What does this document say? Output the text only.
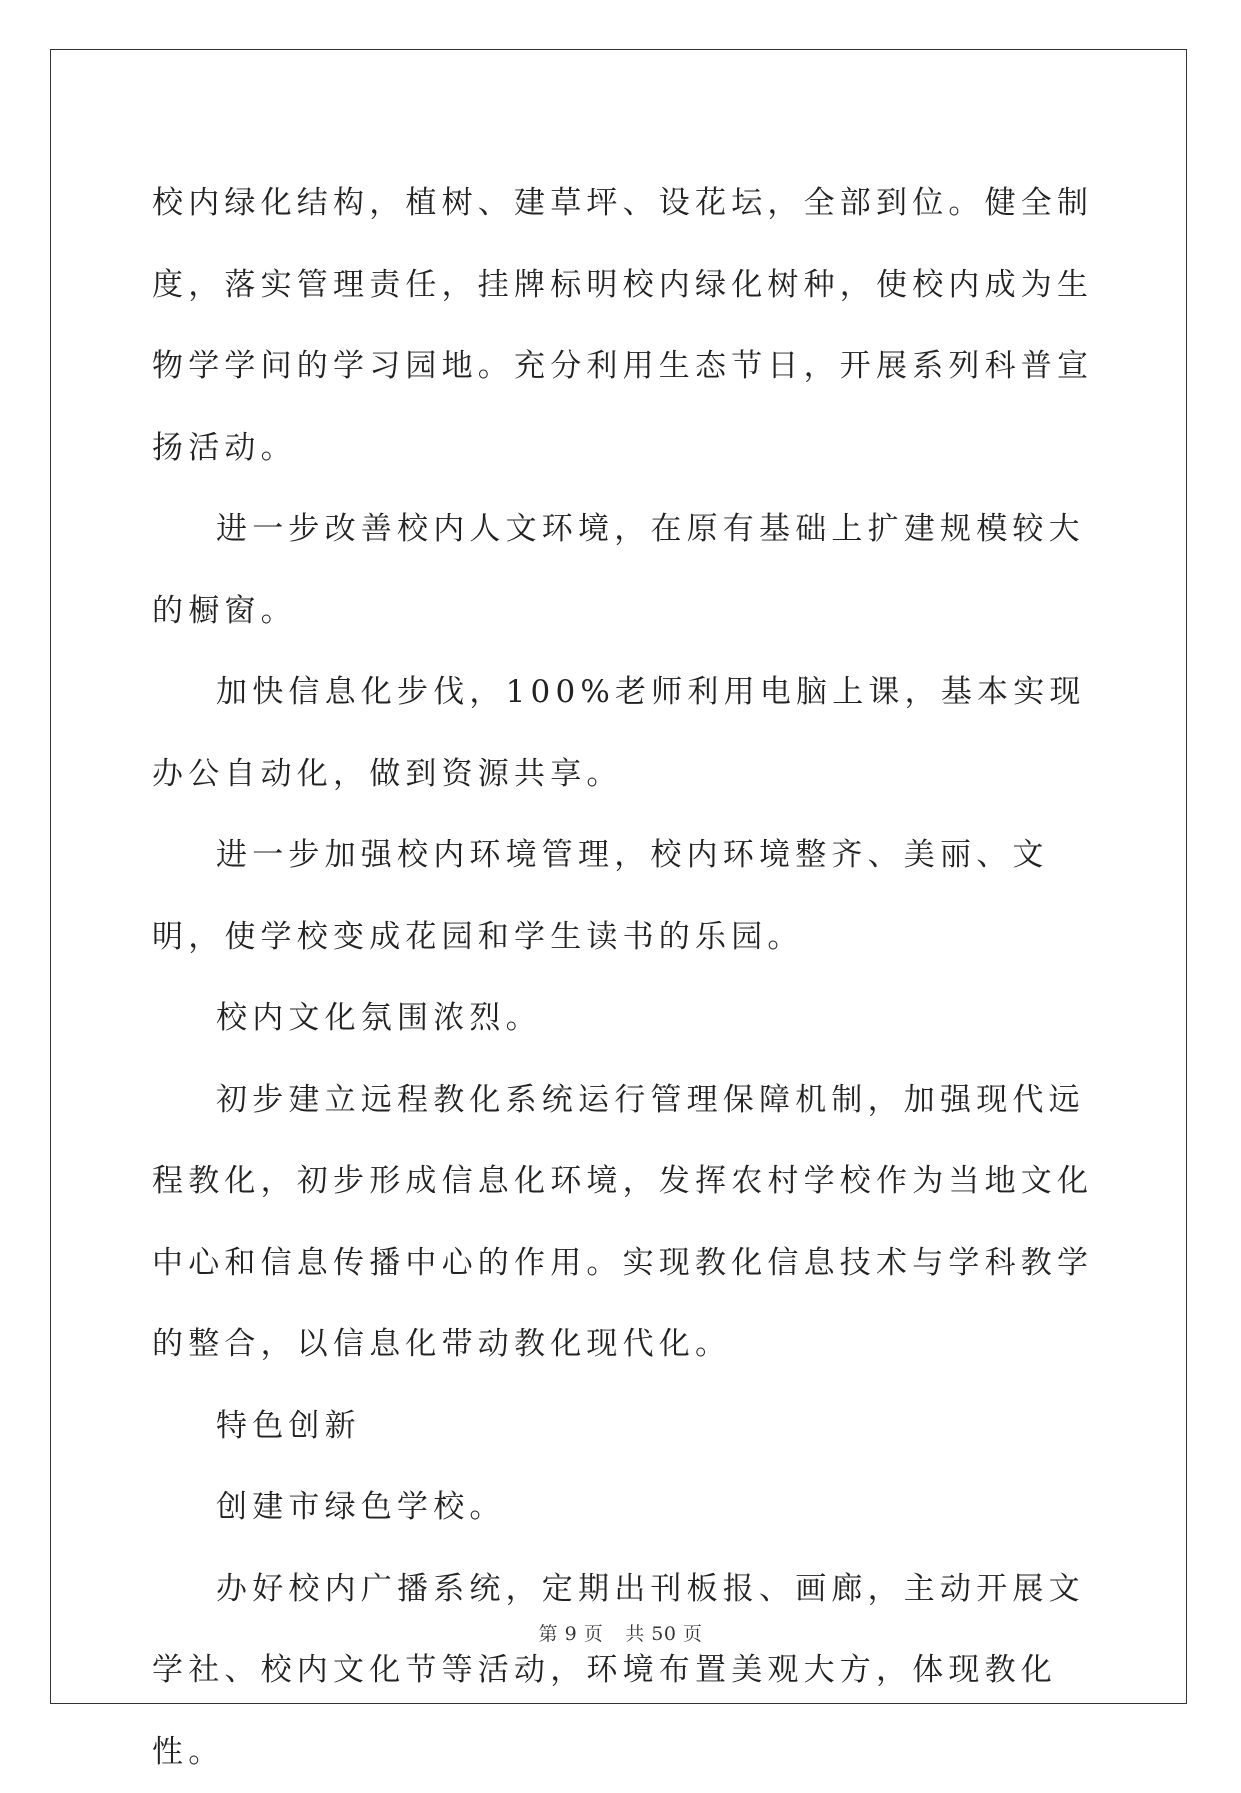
校内绿化结构，植树、建草坪、设花坛，全部到位。健全制度，落实管理责任，挂牌标明校内绿化树种，使校内成为生物学学问的学习园地。充分利用生态节日，开展系列科普宣扬活动。

进一步改善校内人文环境，在原有基础上扩建规模较大的橱窗。

加快信息化步伐，100%老师利用电脑上课，基本实现办公自动化，做到资源共享。

进一步加强校内环境管理，校内环境整齐、美丽、文明，使学校变成花园和学生读书的乐园。

校内文化氛围浓烈。

初步建立远程教化系统运行管理保障机制，加强现代远程教化，初步形成信息化环境，发挥农村学校作为当地文化中心和信息传播中心的作用。实现教化信息技术与学科教学的整合，以信息化带动教化现代化。

特色创新

创建市绿色学校。

办好校内广播系统，定期出刊板报、画廊，主动开展文学社、校内文化节等活动，环境布置美观大方，体现教化性。

第 9 页 共 50 页
